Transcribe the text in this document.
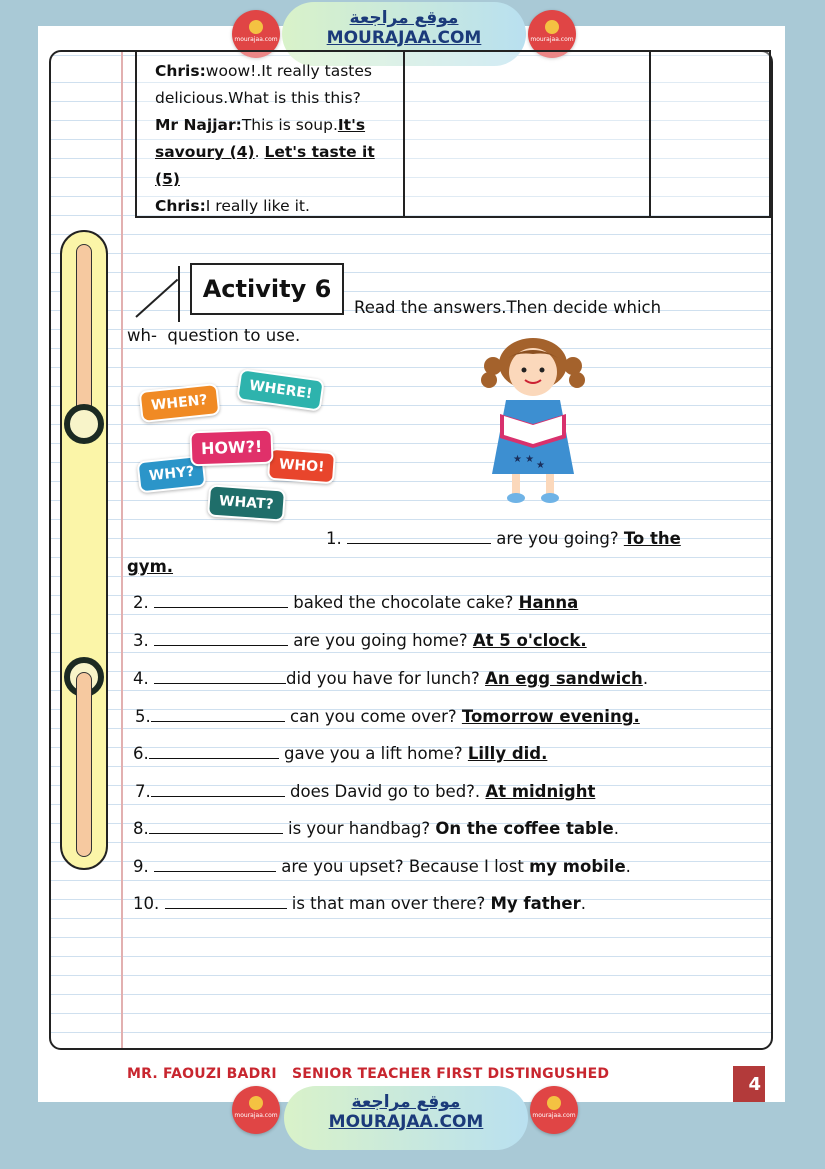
mourajaa.com
موقع مراجعة
MOURAJAA.COM	mourajaa.com
Chris:woow!.It really tastes
delicious.What is this this?
Mr Najjar:This is soup.It's
savoury (4). Let's taste it
(5)
Chris:I really like it.
Activity 6
Read the answers.Then decide which
wh-  question to use.
WHEN?
WHERE!
WHY?	WHO!
HOW?!
WHAT?
★ ★
★
1.	are you going? To the
gym.
2.	baked the chocolate cake? Hanna
3.	are you going home? At 5 o'clock.
4.	did you have for lunch? An egg sandwich.
5.	can you come over? Tomorrow evening.
6.	gave you a lift home? Lilly did.
7.	does David go to bed?. At midnight
8.	is your handbag? On the coffee table.
9.	are you upset? Because I lost my mobile.
10.	is that man over there? My father.
MR. FAOUZI BADRI   SENIOR TEACHER FIRST DISTINGUSHED	4
mourajaa.com
موقع مراجعة
MOURAJAA.COM	mourajaa.com
